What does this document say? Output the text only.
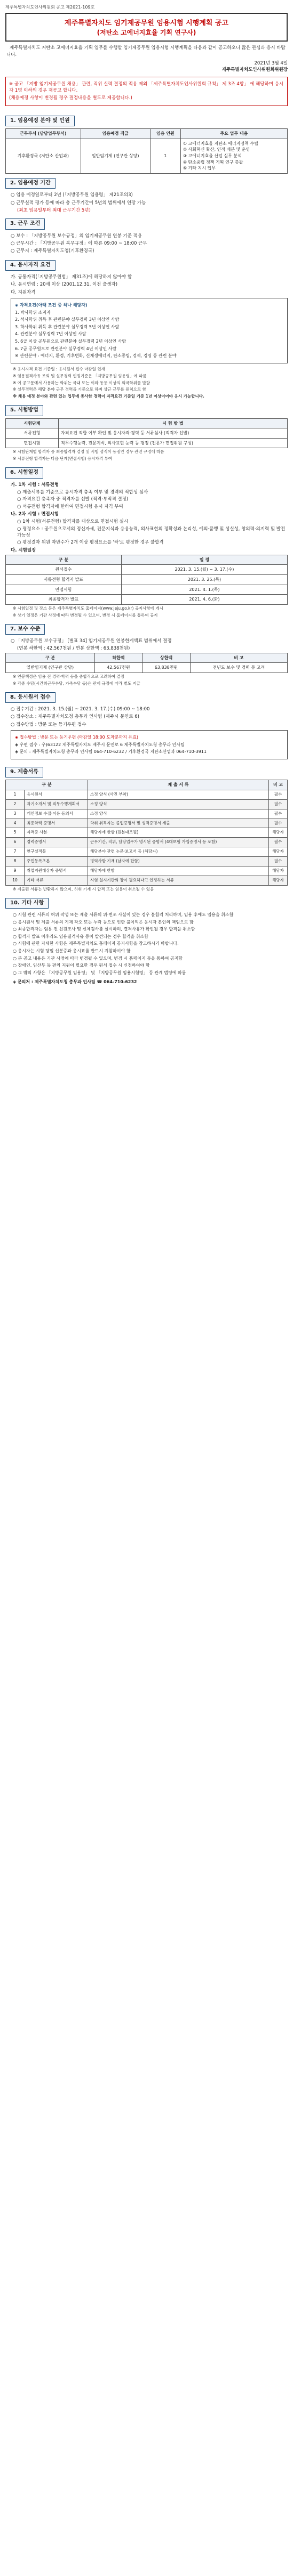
제주특별자치도인사위원회 공고 제2021-109호
제주특별자치도 임기제공무원 임용시험 시행계획 공고
(저탄소 고에너지효율 기획 연구사)
제주특별자치도 저탄소 고에너지효율 기획 업무를 수행할 임기제공무원 임용시험 시행계획을 다음과 같이 공고하오니 많은 관심과 응시 바랍니다.
2021년 3월 4일
제주특별자치도인사위원회위원장

※ 공고 「지방 임기제공무원 채용」 관련, 직위 실력 결정의 적용 제외 「제주특별자치도인사위원회 규칙」 제 3조 4항」 에 해당하며 응시자 1명 이하의 경우 재공고 합니다.

(채용예정 사항이 변경될 경우 결정내용을 별도로 제공합니다.)

1. 임용예정 분야 및 인원
근무부서 (담당업무부서)	임용예정 직급	임용 인원	주요 업무 내용
기후환경국 (저탄소 산업과)	일반임기제 (연구관 상당)	1	① 고에너지효율 저탄소 에너지정책 수립
② 사회혁신 확산, 인적 배분 및 운영
③ 고에너지효율 산업 실무 분석
④ 탄소중립 정책 기획 연구 총괄
⑤ 기타 지시 업무
2. 임용예정 기간
○ 임용 예정일로부터 2년 (「지방공무원 임용령」 제21조의3)
○ 근무실적 평가 등에 따라 총 근무기간이 5년의 범위에서 연장 가능
(최초 임용일부터 최대 근무기간 5년)
3. 근무 조건
○ 보수 : 「지방공무원 보수규정」의 임기제공무원 연봉 기준 적용
○ 근무시간 : 「지방공무원 복무규정」에 따른 09:00 ~ 18:00 근무
○ 근무지 : 제주특별자치도청(기후환경국)
4. 응시자격 요건
가. 공통자격(「지방공무원법」 제31조)에 해당하지 않아야 함
나. 응시연령 : 20세 이상 (2001.12.31. 이전 출생자)
다. 지원자격

◈ 자격요건(아래 조건 중 하나 해당자)

1. 박사학위 소지자

2. 석사학위 취득 후 관련분야 실무경력 3년 이상인 사람

3. 학사학위 취득 후 관련분야 실무경력 5년 이상인 사람

4. 관련분야 실무경력 7년 이상인 사람

5. 6급 이상 공무원으로 관련분야 실무경력 2년 이상인 사람

6. 7급 공무원으로 관련분야 실무경력 4년 이상인 사람

※ 관련분야 : 에너지, 환경, 기후변화, 신재생에너지, 탄소중립, 경제, 경영 등 관련 분야

※ 응시자격 요건 기준일 : 응시원서 접수 마감일 현재
※ 임용결격사유 조회 및 실무경력 인정기준은 「지방공무원 임용령」에 따름
※ 이 공고문에서 사용하는 학위는 국내 또는 이와 동등 이상의 외국학위를 말함
※ 실무경력은 해당 분야 근무 경력을 기준으로 하며 상근 근무를 원칙으로 함
※ 채용 예정 분야와 관련 있는 업무에 종사한 경력이 자격요건 기준일 기준 1년 이상이어야 응시 가능합니다.
5. 시험방법
시험단계	시 험 방 법
서류전형	자격요건 적합 여부 확인 및 응시자격·경력 등 서류심사 (적격자 선발)
면접시험	직무수행능력, 전문지식, 의사표현 능력 등 평정 (전문가 면접위원 구성)
※ 시험단계별 합격자 중 최종합격자 결정 및 시험 성적이 동점인 경우 관련 규정에 따름
※ 서류전형 합격자는 다음 단계(면접시험) 응시자격 부여
6. 시험일정
가. 1차 시험 : 서류전형
○ 제출서류를 기준으로 응시자격 충족 여부 및 경력의 적합성 심사
○ 자격요건 충족자 중 적격자를 선발 (적격·부적격 결정)
○ 서류전형 합격자에 한하여 면접시험 응시 자격 부여
나. 2차 시험 : 면접시험
○ 1차 시험(서류전형) 합격자를 대상으로 면접시험 실시
○ 평정요소 : 공무원으로서의 정신자세, 전문지식과 응용능력, 의사표현의 정확성과 논리성, 예의·품행 및 성실성, 창의력·의지력 및 발전 가능성
○ 평정결과 위원 과반수가 2개 이상 평정요소를 '하'로 평정한 경우 불합격
다. 시험일정
구 분	일 정
원서접수	2021. 3. 15.(월) ~ 3. 17.(수)
서류전형 합격자 발표	2021. 3. 25.(목)
면접시험	2021. 4. 1.(목)
최종합격자 발표	2021. 4. 6.(화)
※ 시험일정 및 장소 등은 제주특별자치도 홈페이지(www.jeju.go.kr) 공지사항에 게시
※ 상기 일정은 기관 사정에 따라 변경될 수 있으며, 변경 시 홈페이지를 통하여 공지
7. 보수 수준
○ 「지방공무원 보수규정」 [별표 34] 임기제공무원 연봉한계액표 범위에서 결정
(연봉 하한액 : 42,567천원 / 연봉 상한액 : 63,838천원)
구 분	하한액	상한액	비 고
일반임기제 (연구관 상당)	42,567천원	63,838천원	전년도 보수 및 경력 등 고려
※ 연봉책정은 임용 전 경력·학력 등을 종합적으로 고려하여 결정
※ 각종 수당(시간외근무수당, 가족수당 등)은 관계 규정에 따라 별도 지급
8. 응시원서 접수
○ 접수기간 : 2021. 3. 15.(월) ~ 2021. 3. 17.(수) 09:00 ~ 18:00
○ 접수장소 : 제주특별자치도청 총무과 인사팀 (제주시 문연로 6)
○ 접수방법 : 방문 또는 등기우편 접수

◈ 접수방법 : 방문 또는 등기우편 (마감일 18:00 도착분까지 유효)

◈ 우편 접수 : 우)63122 제주특별자치도 제주시 문연로 6 제주특별자치도청 총무과 인사팀

◈ 문의 : 제주특별자치도청 총무과 인사팀 064-710-6232 / 기후환경국 저탄소산업과 064-710-3911

9. 제출서류
구 분		제 출 서 류	비 고
1	응시원서	소정 양식 (사진 부착)	필수
2	자기소개서 및 직무수행계획서	소정 양식	필수
3	개인정보 수집·이용 동의서	소정 양식	필수
4	최종학력 증명서	학위 취득자는 졸업증명서 및 성적증명서 제출	필수
5	자격증 사본	해당자에 한함 (원본대조필)	해당자
6	경력증명서	근무기간, 직위, 담당업무가 명시된 증명서 (4대보험 가입증명서 등 포함)	필수
7	연구실적물	해당분야 관련 논문·보고서 등 (해당자)	해당자
8	주민등록초본	병역사항 기재 (남자에 한함)	필수
9	취업지원대상자 증명서	해당자에 한함	해당자
10	기타 서류	시험 실시기관의 장이 필요하다고 인정하는 서류	해당자
※ 제출된 서류는 반환하지 않으며, 허위 기재 시 합격 또는 임용이 취소될 수 있음
10. 기타 사항
○ 시험 관련 서류의 허위 작성 또는 제출 서류의 위·변조 사실이 있는 경우 불합격 처리하며, 임용 후에도 임용을 취소함
○ 응시원서 및 제출 서류의 기재 착오 또는 누락 등으로 인한 불이익은 응시자 본인의 책임으로 함
○ 최종합격자는 임용 전 신원조사 및 신체검사를 실시하며, 결격사유가 확인될 경우 합격을 취소함
○ 합격자 발표 이후라도 임용결격사유 등이 발견되는 경우 합격을 취소함
○ 시험에 관한 자세한 사항은 제주특별자치도 홈페이지 공지사항을 참고하시기 바랍니다.
○ 응시자는 시험 당일 신분증과 응시표를 반드시 지참하여야 함
○ 본 공고 내용은 기관 사정에 따라 변경될 수 있으며, 변경 시 홈페이지 등을 통하여 공지함
○ 장애인, 임산부 등 편의 지원이 필요한 경우 원서 접수 시 신청하여야 함
○ 그 밖의 사항은 「지방공무원 임용령」 및 「지방공무원 임용시험령」 등 관계 법령에 따름
◈ 문의처 : 제주특별자치도청 총무과 인사팀 ☎ 064-710-6232
